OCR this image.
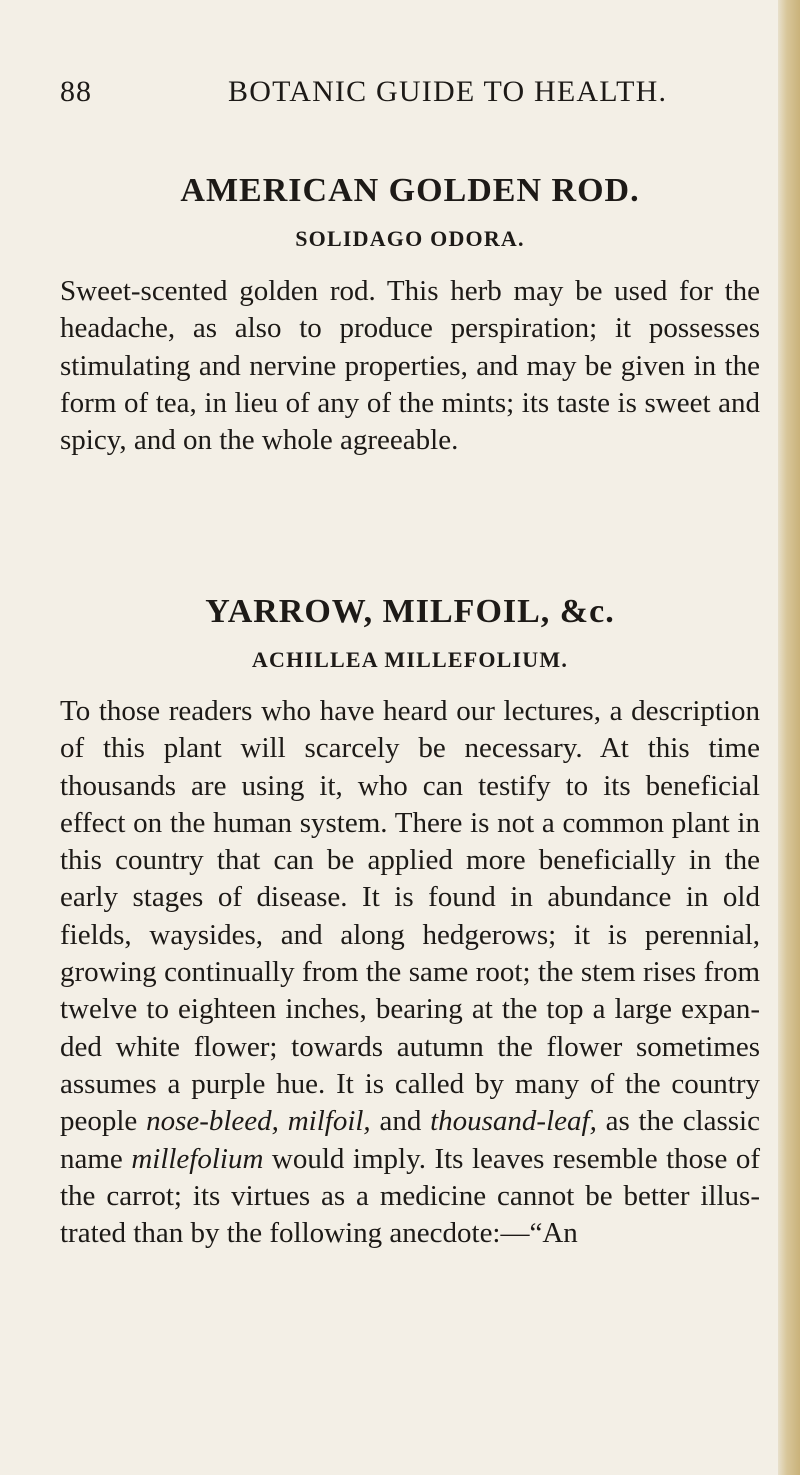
88	BOTANIC GUIDE TO HEALTH.
AMERICAN GOLDEN ROD.
SOLIDAGO ODORA.

Sweet-scented golden rod. This herb may be used for the headache, as also to produce perspiration; it possesses stimulating and nervine properties, and may be given in the form of tea, in lieu of any of the mints; its taste is sweet and spicy, and on the whole agreeable.

YARROW, MILFOIL, &c.
ACHILLEA MILLEFOLIUM.

To those readers who have heard our lectures, a description of this plant will scarcely be necessary. At this time thousands are using it, who can testify to its beneficial effect on the human system. There is not a common plant in this country that can be applied more beneficially in the early stages of disease. It is found in abundance in old fields, waysides, and along hedgerows; it is perennial, growing continually from the same root; the stem rises from twelve to eighteen inches, bearing at the top a large expanded white flower; towards autumn the flower sometimes assumes a purple hue. It is called by many of the country people nose-bleed, milfoil, and thousand-leaf, as the classic name millefolium would imply. Its leaves resemble those of the carrot; its virtues as a medicine cannot be better illustrated than by the following anecdote:—“An
